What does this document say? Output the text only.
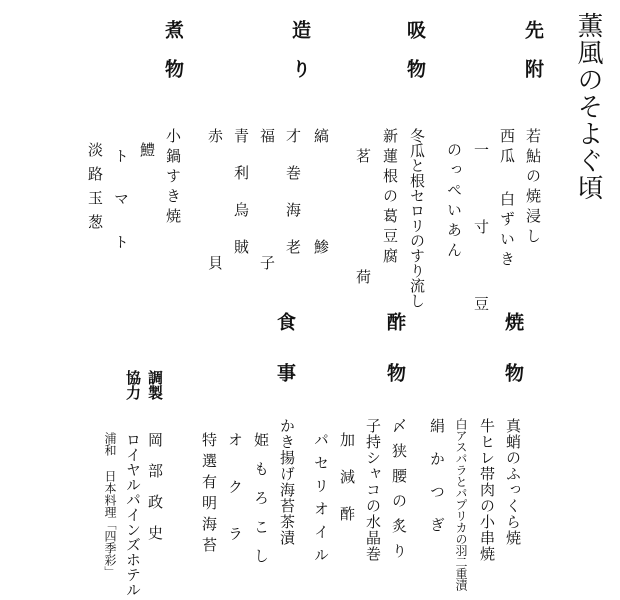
薫風のそよぐ頃
先附
若鮎の焼浸し
西瓜 白ずいき
一 寸 豆
のっぺいあん
吸物
冬瓜と根セロリのすり流し
新蓮根の葛豆腐
茗荷
造り
縞鯵
才巻海老
福子
青利烏賊
赤貝
煮物
小鍋すき焼
鱧
トマト
淡路玉葱
焼物
真蛸のふっくら焼
牛ヒレ帯肉の小串焼
白アスパラとパプリカの羽二重漬
絹かつぎ
酢物
〆狭腰の炙り
子持シャコの水晶巻
加減酢
パセリオイル
食事
かき揚げ海苔茶漬
姫もろこし
オクラ
特選有明海苔
調製
協力
岡部政史
ロイヤルパインズホテル
浦和 日本料理「四季彩」
